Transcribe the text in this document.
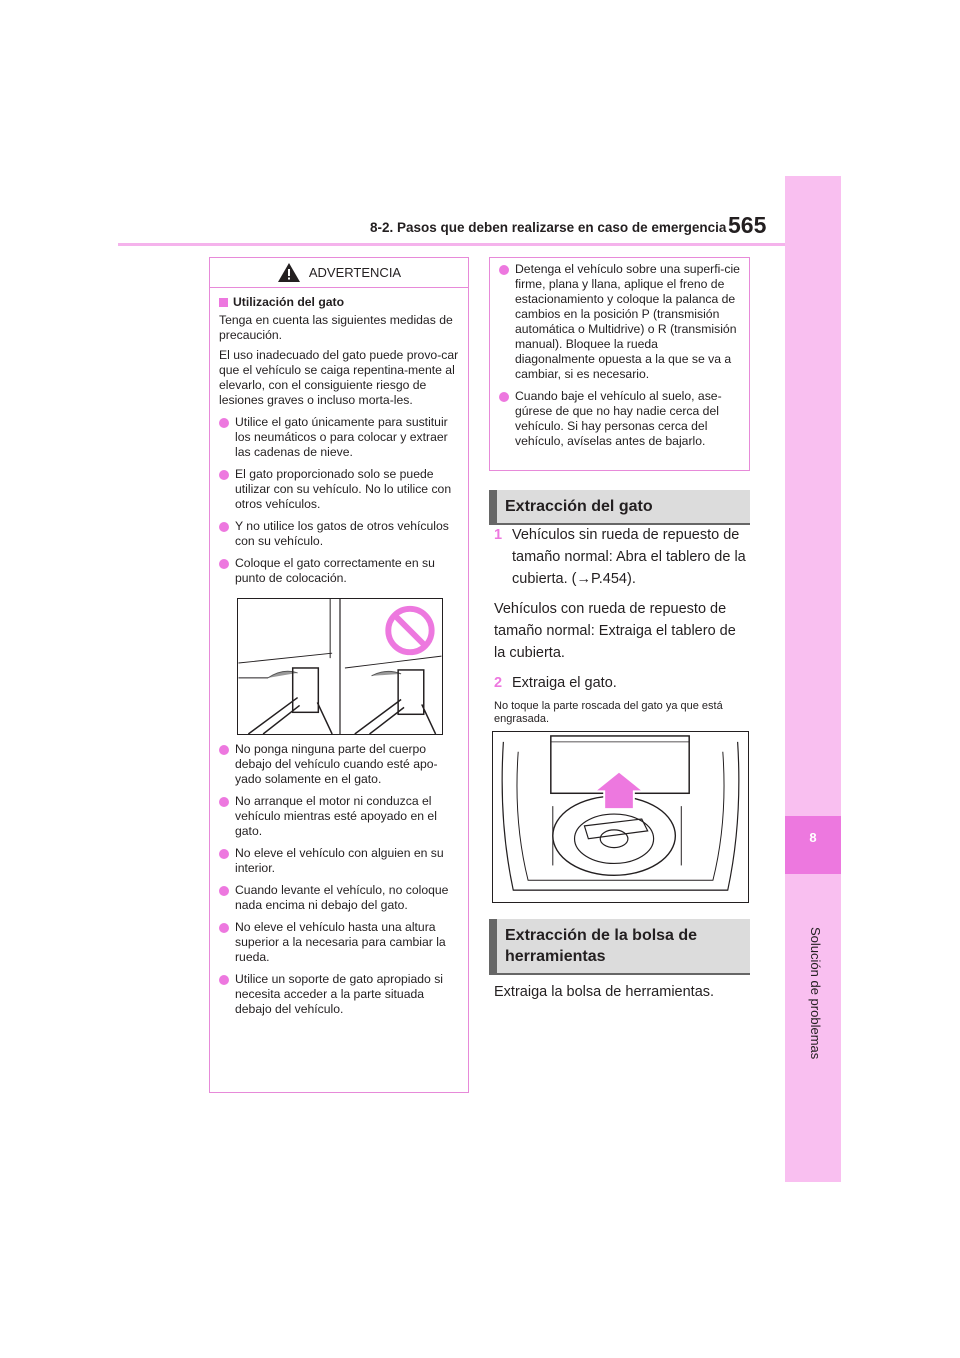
8-2. Pasos que deben realizarse en caso de emergencia 565
8
Solución de problemas
ADVERTENCIA
Utilización del gato
Tenga en cuenta las siguientes medidas de precaución.
El uso inadecuado del gato puede provo-car que el vehículo se caiga repentina-mente al elevarlo, con el consiguiente riesgo de lesiones graves o incluso morta-les.
Utilice el gato únicamente para sustituir los neumáticos o para colocar y extraer las cadenas de nieve.
El gato proporcionado solo se puede utilizar con su vehículo. No lo utilice con otros vehículos.
Y no utilice los gatos de otros vehículos con su vehículo.
Coloque el gato correctamente en su punto de colocación.
No ponga ninguna parte del cuerpo debajo del vehículo cuando esté apo-yado solamente en el gato.
No arranque el motor ni conduzca el vehículo mientras esté apoyado en el gato.
No eleve el vehículo con alguien en su interior.
Cuando levante el vehículo, no coloque nada encima ni debajo del gato.
No eleve el vehículo hasta una altura superior a la necesaria para cambiar la rueda.
Utilice un soporte de gato apropiado si necesita acceder a la parte situada debajo del vehículo.
Detenga el vehículo sobre una superfi-cie firme, plana y llana, aplique el freno de estacionamiento y coloque la palanca de cambios en la posición P (transmisión automática o Multidrive) o R (transmisión manual). Bloquee la rueda diagonalmente opuesta a la que se va a cambiar, si es necesario.
Cuando baje el vehículo al suelo, ase-gúrese de que no hay nadie cerca del vehículo. Si hay personas cerca del vehículo, avíselas antes de bajarlo.
Extracción del gato
1 Vehículos sin rueda de repuesto de tamaño normal: Abra el tablero de la cubierta. (→P.454).
Vehículos con rueda de repuesto de tamaño normal: Extraiga el tablero de la cubierta.
2 Extraiga el gato.
No toque la parte roscada del gato ya que está engrasada.
Extracción de la bolsa de herramientas
Extraiga la bolsa de herramientas.
